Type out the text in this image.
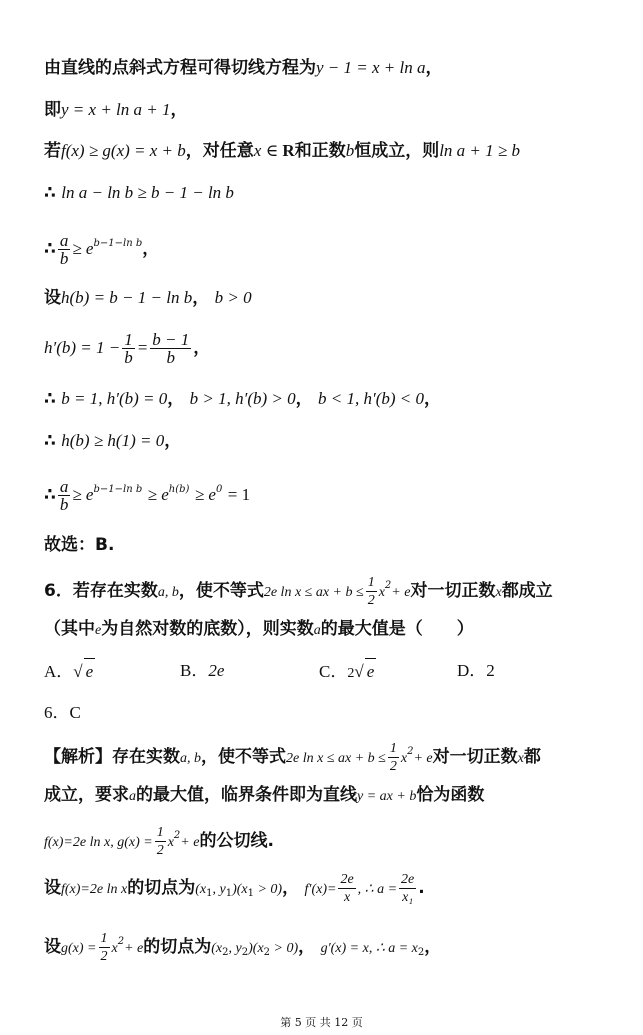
由直线的点斜式方程可得切线方程为y − 1 = x + ln a，
即y = x + ln a + 1，
若f(x) ≥ g(x) = x + b，对任意x ∈ R和正数b恒成立，则ln a + 1 ≥ b
∴ ln a − ln b ≥ b − 1 − ln b
∴ $\frac{a}{b} \ge e^{b-1-ln b}$，
设h(b) = b − 1 − ln b， b > 0
$h'(b) = 1 - \frac{1}{b} = \frac{b - 1}{b}$ ，
∴ b = 1, h′(b) = 0， b > 1, h′(b) > 0， b < 1, h′(b) < 0，
∴ h(b) ≥ h(1) = 0，
∴ $\frac{a}{b} \ge e^{b-1-ln b} \ge e^{h(b)} \ge e^0 = 1$
故选：B.
6．若存在实数a, b，使不等式2e ln x ≤ ax + $b \le \frac{1}{2} x^2+ e$对一切正数x都成立
（其中e为自然对数的底数），则实数a的最大值是（　　）
A．√ e	B．2e	C．2√ e	D．2
6．C
【解析】存在实数a, b，使不等式2e ln x ≤ ax + $b \le \frac{1}{2} x^2+ e$对一切正数x都
成立，要求a的最大值，临界条件即为直线y = ax + b恰为函数
f(x)=2e ln x, $g(x) = \frac{1}{2} x^2+ e$的公切线.
设f(x)=2e ln x的切点为($x_1$, $y_1)(x_1 > 0)$， $f'(x)= \frac{2e}{x}$ , ∴ $a = \frac{2e}{\text{x₁}}$ .
设$g(x) = \frac{1}{2} x^2+ e$的切点为($x_2$, $y_2)(x_2 > 0)$， g′(x) = x, ∴ $a = x_2$，
第 5 页 共 12 页
